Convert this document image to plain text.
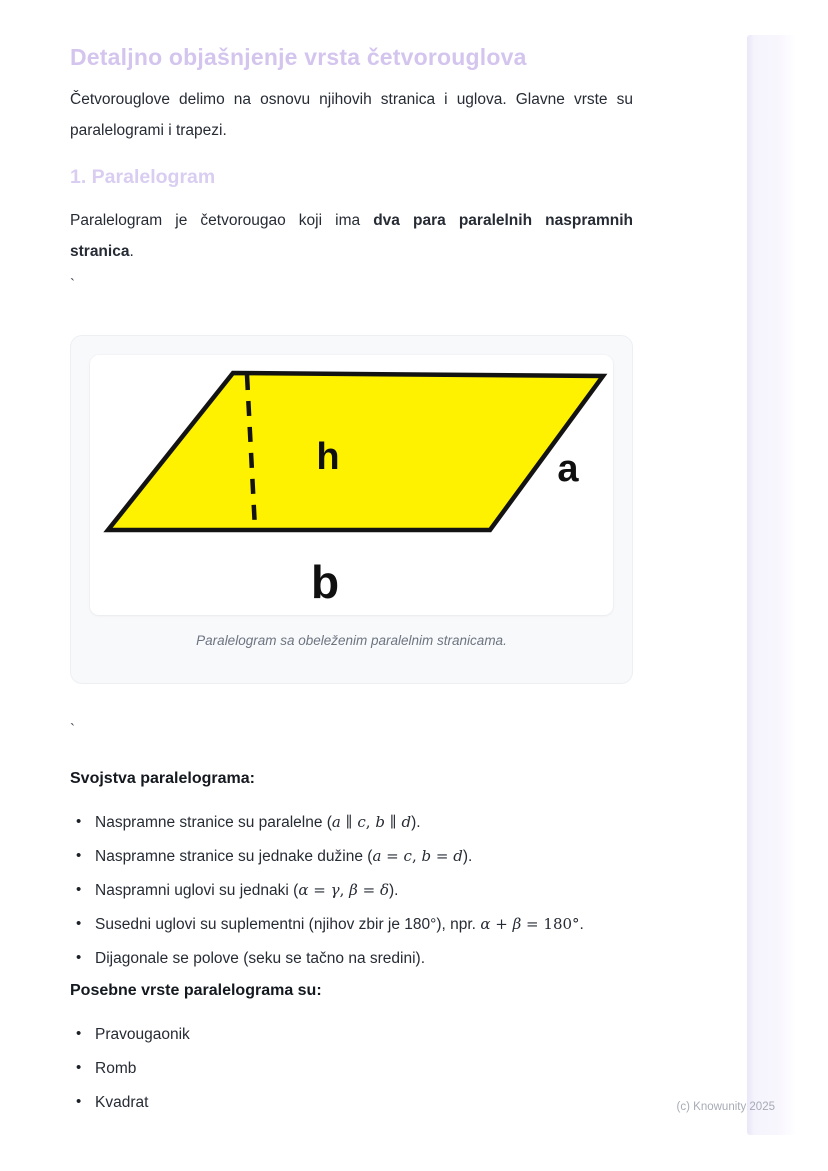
Detaljno objašnjenje vrsta četvorouglova
Četvorouglove delimo na osnovu njihovih stranica i uglova. Glavne vrste su
paralelogrami i trapezi.
1. Paralelogram
Paralelogram je četvorougao koji ima dva para paralelnih naspramnih
stranica.
`
h	a
b
Paralelogram sa obeleženim paralelnim stranicama.
`
Svojstva paralelograma:
• Naspramne stranice su paralelne (a ∥ c, b ∥ d).
• Naspramne stranice su jednake dužine (a = c, b = d).
• Naspramni uglovi su jednaki (α = γ, β = δ).
• Susedni uglovi su suplementni (njihov zbir je 180°), npr. α + β = 180°.
• Dijagonale se polove (seku se tačno na sredini).
Posebne vrste paralelograma su:
• Pravougaonik
• Romb
• Kvadrat	(c) Knowunity 2025
